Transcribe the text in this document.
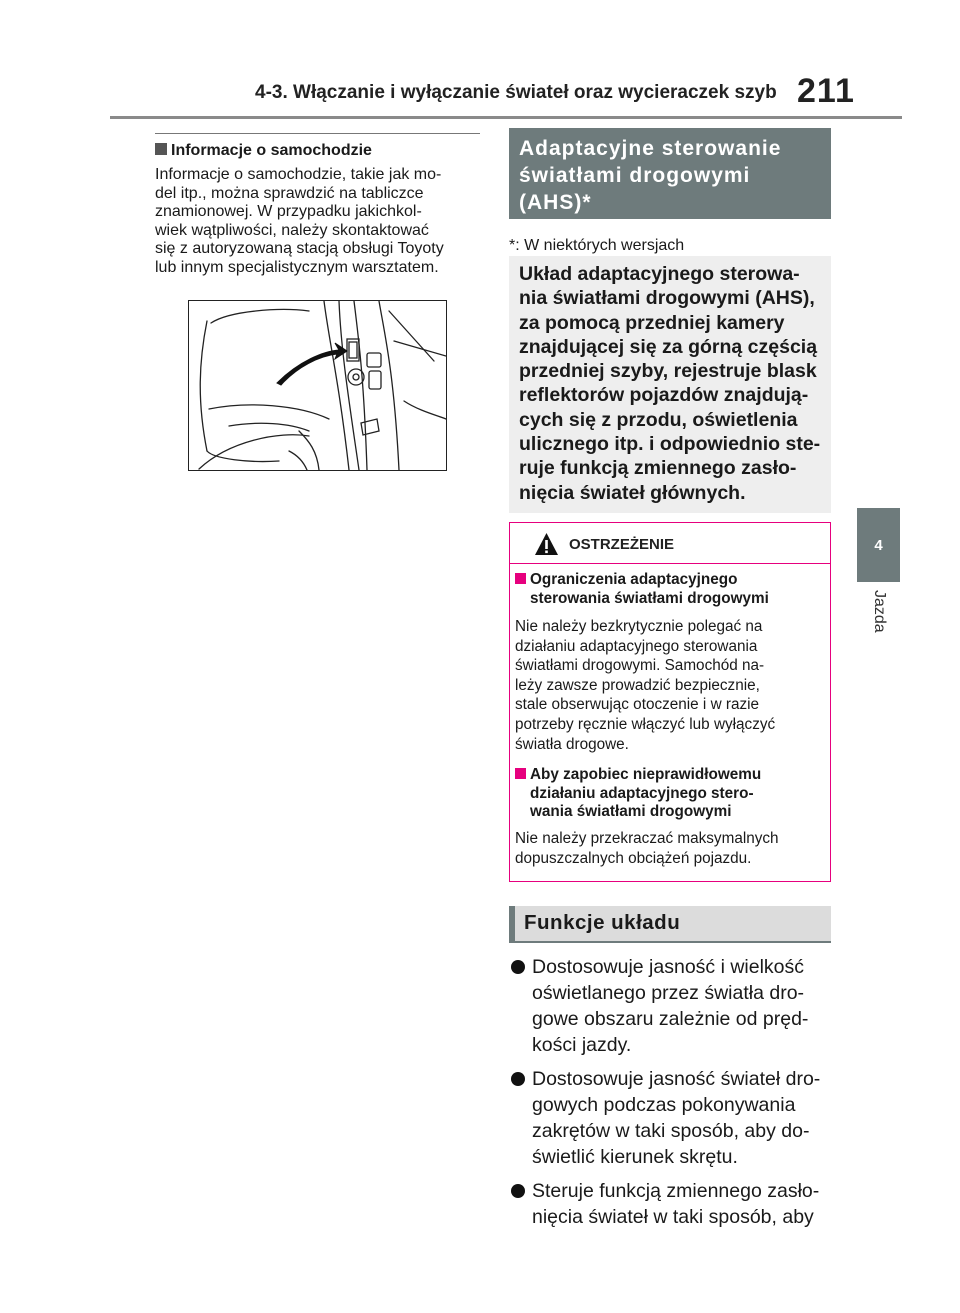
4-3. Włączanie i wyłączanie świateł oraz wycieraczek szyb 211
4
Jazda
Informacje o samochodzie
Informacje o samochodzie, takie jak mo-
del itp., można sprawdzić na tabliczce
znamionowej. W przypadku jakichkol-
wiek wątpliwości, należy skontaktować
się z autoryzowaną stacją obsługi Toyoty
lub innym specjalistycznym warsztatem.
Adaptacyjne sterowanie
światłami drogowymi
(AHS)*
*: W niektórych wersjach
Układ adaptacyjnego sterowa-
nia światłami drogowymi (AHS),
za pomocą przedniej kamery
znajdującej się za górną częścią
przedniej szyby, rejestruje blask
reflektorów pojazdów znajdują-
cych się z przodu, oświetlenia
ulicznego itp. i odpowiednio ste-
ruje funkcją zmiennego zasło-
nięcia świateł głównych.
OSTRZEŻENIE
Ograniczenia adaptacyjnego
sterowania światłami drogowymi
Nie należy bezkrytycznie polegać na
działaniu adaptacyjnego sterowania
światłami drogowymi. Samochód na-
leży zawsze prowadzić bezpiecznie,
stale obserwując otoczenie i w razie
potrzeby ręcznie włączyć lub wyłączyć
światła drogowe.
Aby zapobiec nieprawidłowemu
działaniu adaptacyjnego stero-
wania światłami drogowymi
Nie należy przekraczać maksymalnych
dopuszczalnych obciążeń pojazdu.
Funkcje układu
Dostosowuje jasność i wielkość
oświetlanego przez światła dro-
gowe obszaru zależnie od pręd-
kości jazdy.
Dostosowuje jasność świateł dro-
gowych podczas pokonywania
zakrętów w taki sposób, aby do-
świetlić kierunek skrętu.
Steruje funkcją zmiennego zasło-
nięcia świateł w taki sposób, aby
